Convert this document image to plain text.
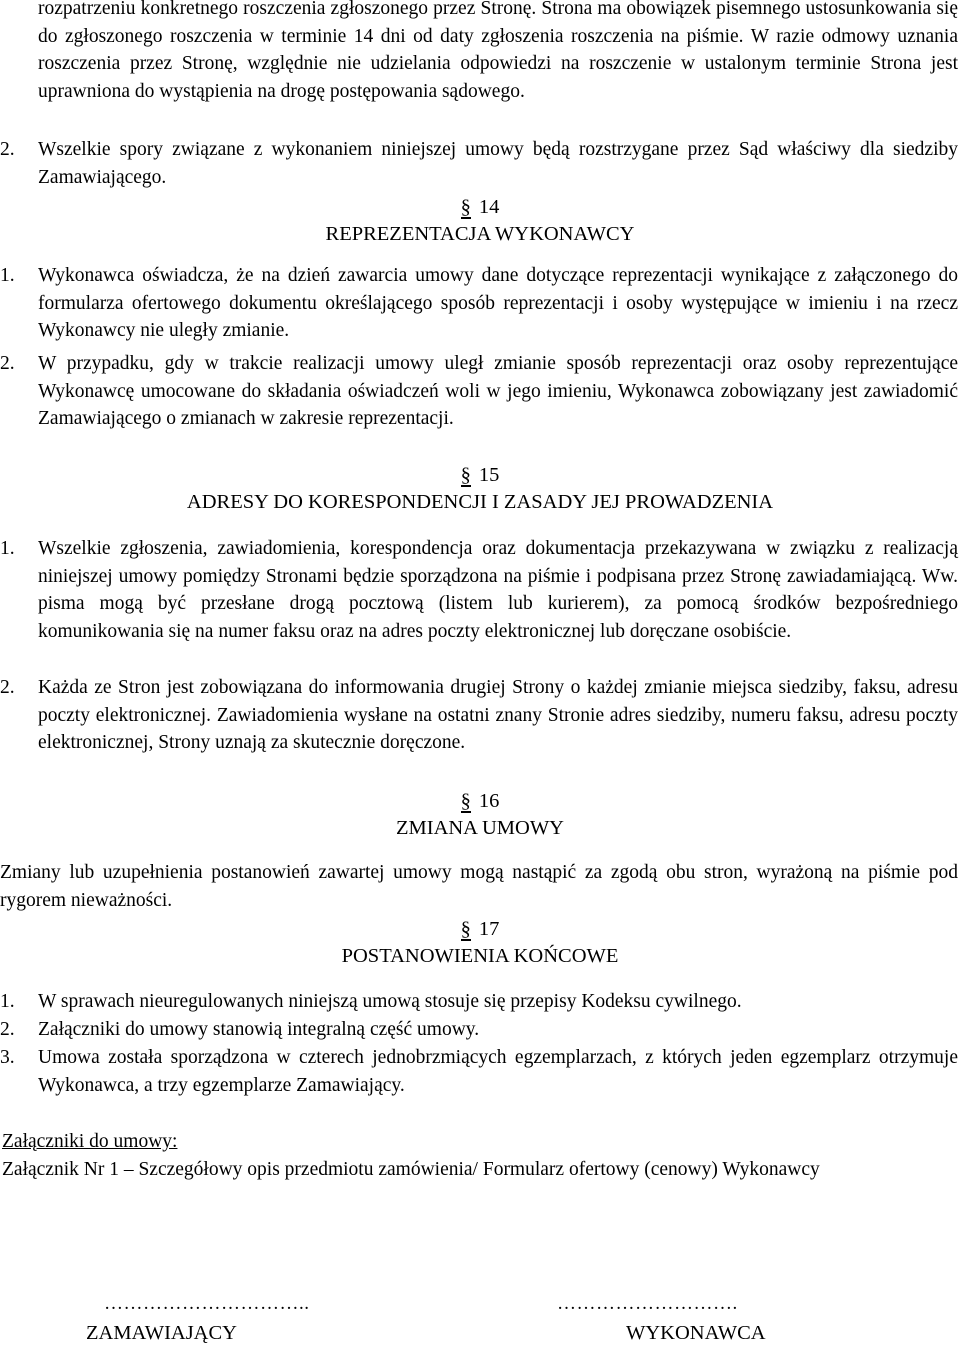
rozpatrzeniu konkretnego roszczenia zgłoszonego przez Stronę. Strona ma obowiązek pisemnego ustosunkowania się do zgłoszonego roszczenia w terminie 14 dni od daty zgłoszenia roszczenia na piśmie. W razie odmowy uznania roszczenia przez Stronę, względnie nie udzielania odpowiedzi na roszczenie w ustalonym terminie Strona jest uprawniona do wystąpienia na drogę postępowania sądowego.
2.	Wszelkie spory związane z wykonaniem niniejszej umowy będą rozstrzygane przez Sąd właściwy dla siedziby Zamawiającego.
§ 14
REPREZENTACJA WYKONAWCY
1.	Wykonawca oświadcza, że na dzień zawarcia umowy dane dotyczące reprezentacji wynikające z załączonego do formularza ofertowego dokumentu określającego sposób reprezentacji i osoby występujące w imieniu i na rzecz Wykonawcy nie uległy zmianie.
2.	W przypadku, gdy w trakcie realizacji umowy uległ zmianie sposób reprezentacji oraz osoby reprezentujące Wykonawcę umocowane do składania oświadczeń woli w jego imieniu, Wykonawca zobowiązany jest zawiadomić Zamawiającego o zmianach w zakresie reprezentacji.
§ 15
ADRESY DO KORESPONDENCJI I ZASADY JEJ PROWADZENIA
1.	Wszelkie zgłoszenia, zawiadomienia, korespondencja oraz dokumentacja przekazywana w związku z realizacją niniejszej umowy pomiędzy Stronami będzie sporządzona na piśmie i podpisana przez Stronę zawiadamiającą. Ww. pisma mogą być przesłane drogą pocztową (listem lub kurierem), za pomocą środków bezpośredniego komunikowania się na numer faksu oraz na adres poczty elektronicznej lub doręczane osobiście.
2.	Każda ze Stron jest zobowiązana do informowania drugiej Strony o każdej zmianie miejsca siedziby, faksu, adresu poczty elektronicznej. Zawiadomienia wysłane na ostatni znany Stronie adres siedziby, numeru faksu, adresu poczty elektronicznej, Strony uznają za skutecznie doręczone.
§ 16
ZMIANA UMOWY
Zmiany lub uzupełnienia postanowień zawartej umowy mogą nastąpić za zgodą obu stron, wyrażoną na piśmie pod rygorem nieważności.
§ 17
POSTANOWIENIA KOŃCOWE
1.	W sprawach nieuregulowanych niniejszą umową stosuje się przepisy Kodeksu cywilnego.
2.	Załączniki do umowy stanowią integralną część umowy.
3.	Umowa została sporządzona w czterech jednobrzmiących egzemplarzach, z których jeden egzemplarz otrzymuje Wykonawca, a trzy egzemplarze Zamawiający.
Załączniki do umowy:
Załącznik Nr 1 – Szczegółowy opis przedmiotu zamówienia/ Formularz ofertowy (cenowy) Wykonawcy
…………………………..	……………………….
ZAMAWIAJĄCY	WYKONAWCA
